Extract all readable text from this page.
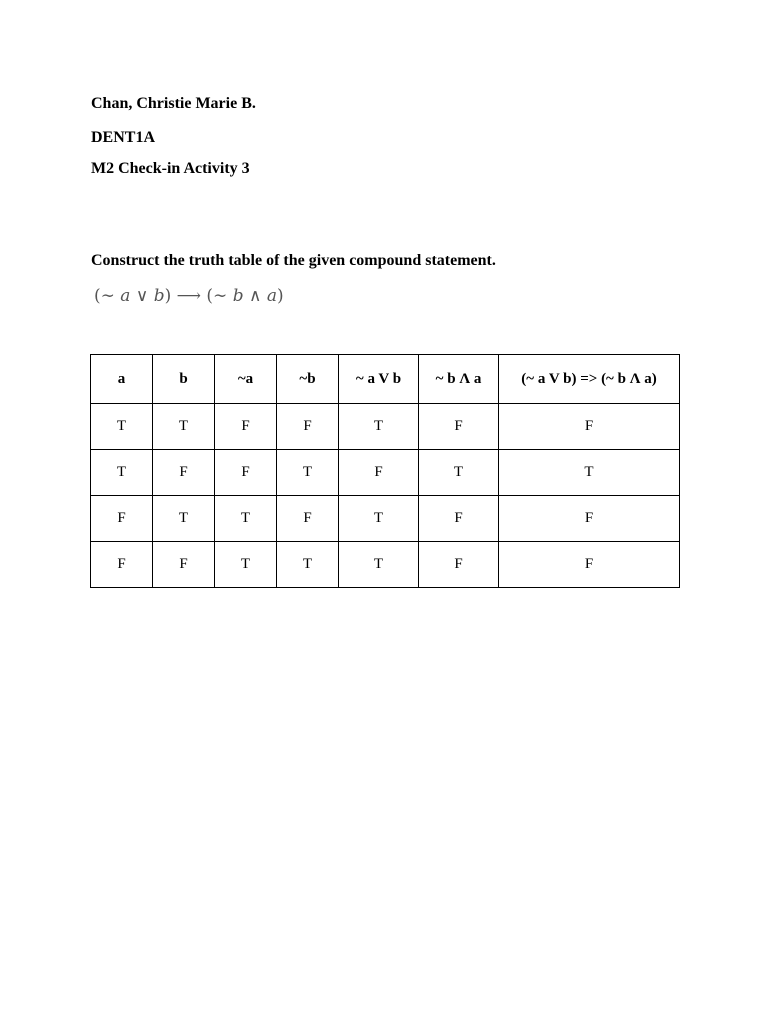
Chan, Christie Marie B.
DENT1A
M2 Check-in Activity 3
Construct the truth table of the given compound statement.
(∼ a ∨ b) ⟶ (∼ b ∧ a)
a	b	~a	~b	~ a V b	~ b Λ a	(~ a V b) => (~ b Λ a)
T	T	F	F	T	F	F
T	F	F	T	F	T	T
F	T	T	F	T	F	F
F	F	T	T	T	F	F
